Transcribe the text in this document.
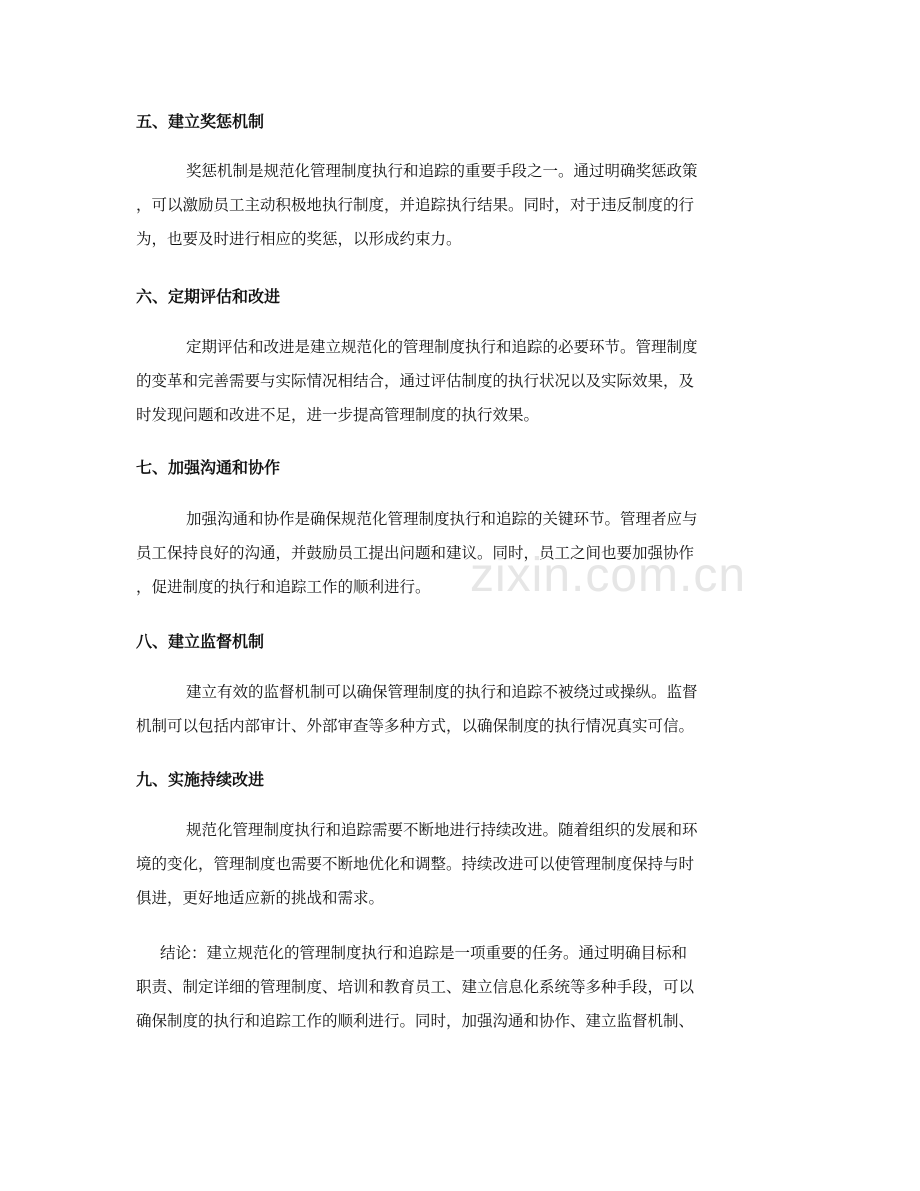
zixin.com.cn
五、建立奖惩机制

奖惩机制是规范化管理制度执行和追踪的重要手段之一。通过明确奖惩政策

，可以激励员工主动积极地执行制度，并追踪执行结果。同时，对于违反制度的行

为，也要及时进行相应的奖惩，以形成约束力。

六、定期评估和改进

定期评估和改进是建立规范化的管理制度执行和追踪的必要环节。管理制度

的变革和完善需要与实际情况相结合，通过评估制度的执行状况以及实际效果，及

时发现问题和改进不足，进一步提高管理制度的执行效果。

七、加强沟通和协作

加强沟通和协作是确保规范化管理制度执行和追踪的关键环节。管理者应与

员工保持良好的沟通，并鼓励员工提出问题和建议。同时，员工之间也要加强协作

，促进制度的执行和追踪工作的顺利进行。

八、建立监督机制

建立有效的监督机制可以确保管理制度的执行和追踪不被绕过或操纵。监督

机制可以包括内部审计、外部审查等多种方式，以确保制度的执行情况真实可信。

九、实施持续改进

规范化管理制度执行和追踪需要不断地进行持续改进。随着组织的发展和环

境的变化，管理制度也需要不断地优化和调整。持续改进可以使管理制度保持与时

俱进，更好地适应新的挑战和需求。

结论：建立规范化的管理制度执行和追踪是一项重要的任务。通过明确目标和

职责、制定详细的管理制度、培训和教育员工、建立信息化系统等多种手段，可以

确保制度的执行和追踪工作的顺利进行。同时，加强沟通和协作、建立监督机制、
